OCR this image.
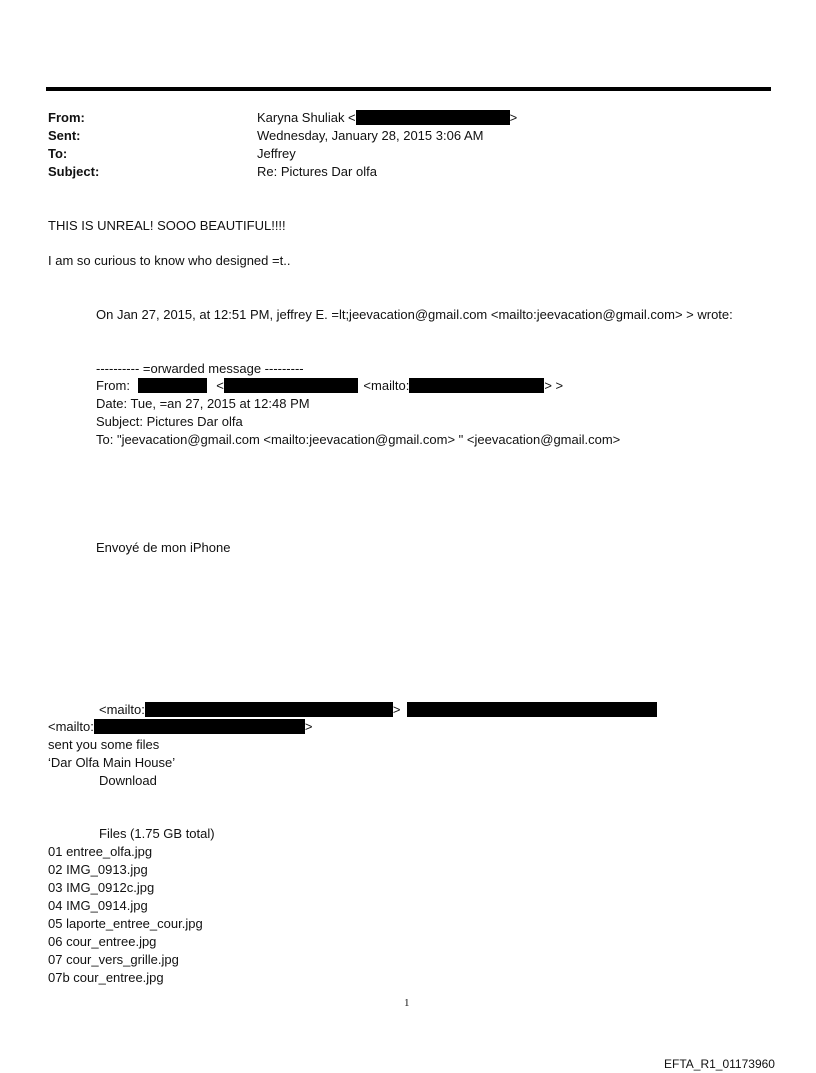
From:	Karyna Shuliak <	>
Sent:	Wednesday, January 28, 2015 3:06 AM
To:	Jeffrey
Subject:	Re: Pictures Dar olfa
THIS IS UNREAL! SOOO BEAUTIFUL!!!!
I am so curious to know who designed =t..
On Jan 27, 2015, at 12:51 PM, jeffrey E. =lt;jeevacation@gmail.com <mailto:jeevacation@gmail.com> > wrote:
---------- =orwarded message ---------
From:	<	<mailto:	> >
Date: Tue, =an 27, 2015 at 12:48 PM
Subject: Pictures Dar olfa
To: "jeevacation@gmail.com <mailto:jeevacation@gmail.com> " <jeevacation@gmail.com>
Envoyé de mon iPhone
<mailto:	>
<mailto:	>
sent you some files
‘Dar Olfa Main House’
Download
Files (1.75 GB total)
01 entree_olfa.jpg
02 IMG_0913.jpg
03 IMG_0912c.jpg
04 IMG_0914.jpg
05 laporte_entree_cour.jpg
06 cour_entree.jpg
07 cour_vers_grille.jpg
07b cour_entree.jpg
1
EFTA_R1_01173960
